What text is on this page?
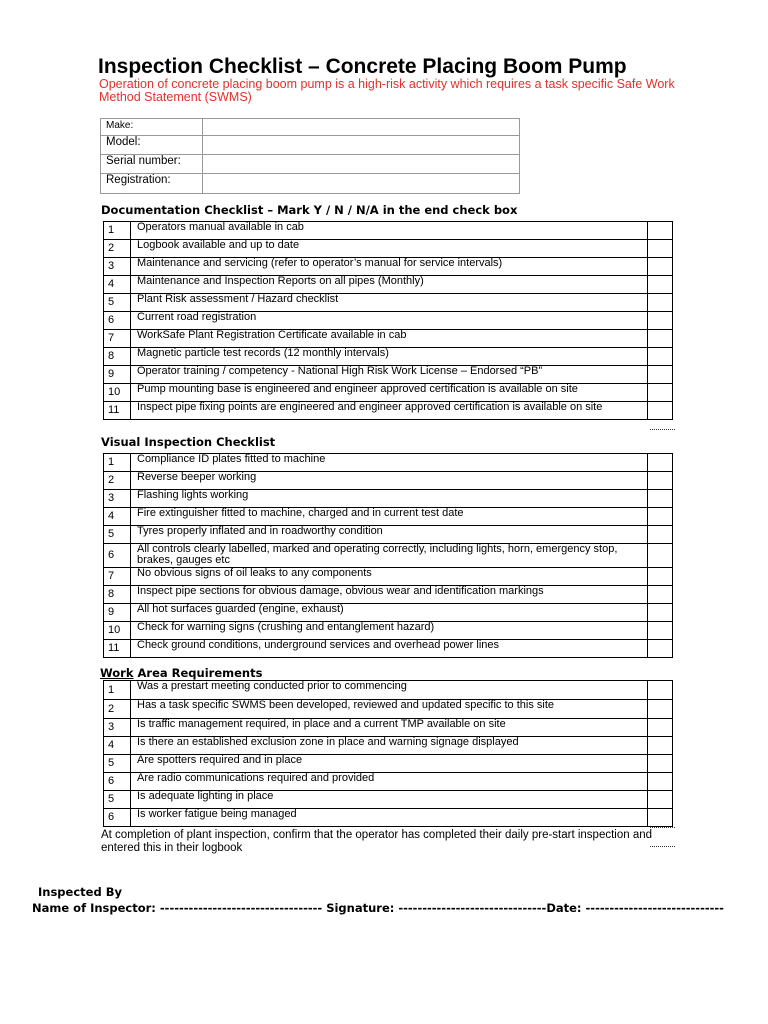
Inspection Checklist – Concrete Placing Boom Pump
Operation of concrete placing boom pump is a high-risk activity which requires a task specific Safe Work Method Statement (SWMS)
Make:	
Model:	
Serial number:	
Registration:	
Documentation Checklist – Mark Y / N / N/A in the end check box
1	Operators manual available in cab	
2	Logbook available and up to date	
3	Maintenance and servicing (refer to operator’s manual for service intervals)	
4	Maintenance and Inspection Reports on all pipes (Monthly)	
5	Plant Risk assessment / Hazard checklist	
6	Current road registration	
7	WorkSafe Plant Registration Certificate available in cab	
8	Magnetic particle test records (12 monthly intervals)	
9	Operator training / competency - National High Risk Work License – Endorsed “PB”	
10	Pump mounting base is engineered and engineer approved certification is available on site	
11	Inspect pipe fixing points are engineered and engineer approved certification is available on site	
Visual Inspection Checklist
1	Compliance ID plates fitted to machine	
2	Reverse beeper working	
3	Flashing lights working	
4	Fire extinguisher fitted to machine, charged and in current test date	
5	Tyres properly inflated and in roadworthy condition	
6	All controls clearly labelled, marked and operating correctly, including lights, horn, emergency stop, brakes, gauges etc	
7	No obvious signs of oil leaks to any components	
8	Inspect pipe sections for obvious damage, obvious wear and identification markings	
9	All hot surfaces guarded (engine, exhaust)	
10	Check for warning signs (crushing and entanglement hazard)	
11	Check ground conditions, underground services and overhead power lines	
Work Area Requirements
1	Was a prestart meeting conducted prior to commencing	
2	Has a task specific SWMS been developed, reviewed and updated specific to this site	
3	Is traffic management required, in place and a current TMP available on site	
4	Is there an established exclusion zone in place and warning signage displayed	
5	Are spotters required and in place	
6	Are radio communications required and provided	
5	Is adequate lighting in place	
6	Is worker fatigue being managed	
At completion of plant inspection, confirm that the operator has completed their daily pre-start inspection and entered this in their logbook
Inspected By
Name of Inspector: ---------------------------------- Signature: -------------------------------Date: -----------------------------
